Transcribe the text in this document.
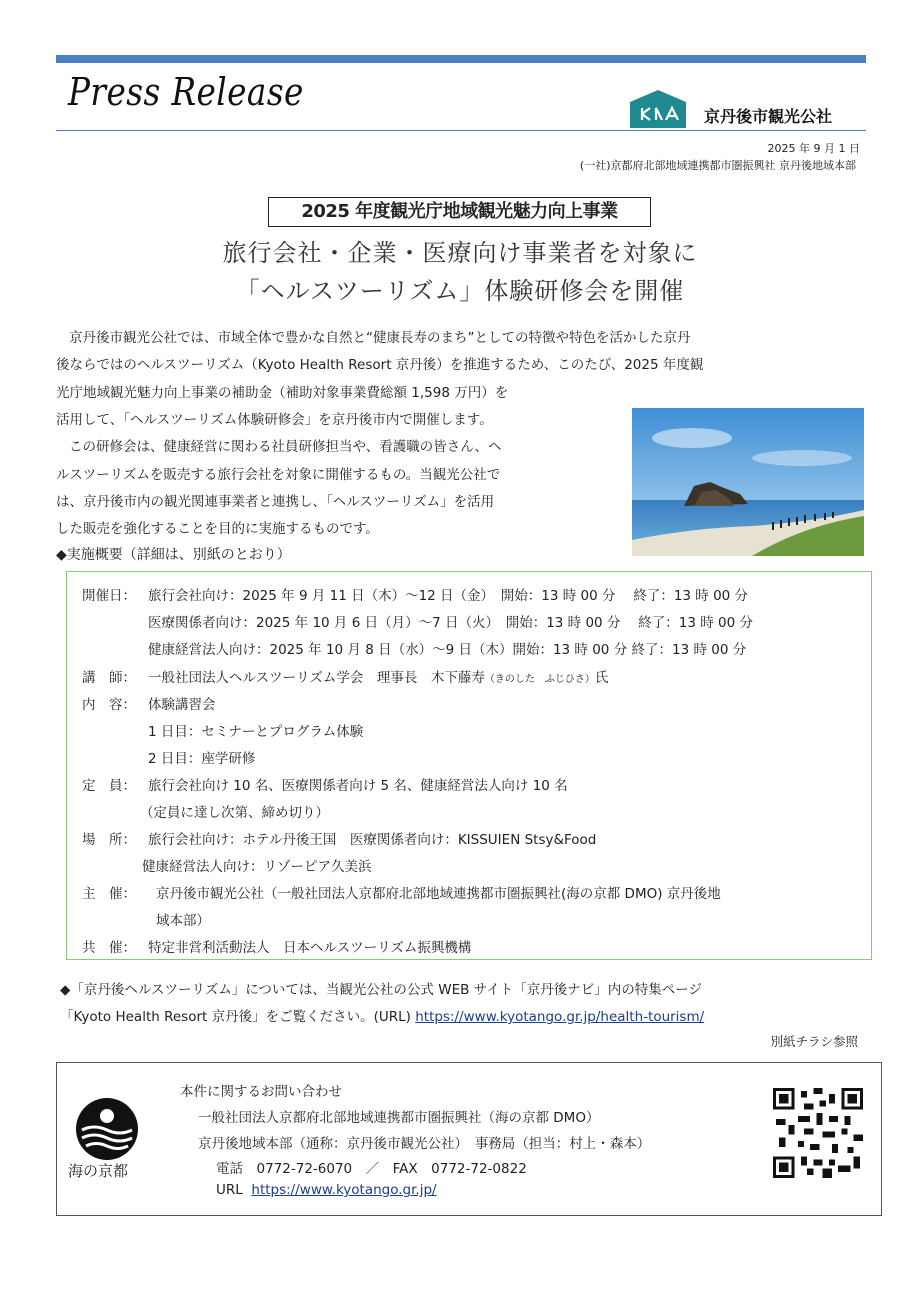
Press Release
京丹後市観光公社
2025 年 9 月 1 日
(一社)京都府北部地域連携都市圏振興社 京丹後地域本部
2025 年度観光庁地域観光魅力向上事業
旅行会社・企業・医療向け事業者を対象に
「ヘルスツーリズム」体験研修会を開催
京丹後市観光公社では、市域全体で豊かな自然と“健康長寿のまち”としての特徴や特色を活かした京丹
後ならではのヘルスツーリズム（Kyoto Health Resort 京丹後）を推進するため、このたび、2025 年度観
光庁地域観光魅力向上事業の補助金（補助対象事業費総額 1,598 万円）を
活用して、「ヘルスツーリズム体験研修会」を京丹後市内で開催します。
この研修会は、健康経営に関わる社員研修担当や、看護職の皆さん、ヘ
ルスツーリズムを販売する旅行会社を対象に開催するもの。当観光公社で
は、京丹後市内の観光関連事業者と連携し、「ヘルスツーリズム」を活用
した販売を強化することを目的に実施するものです。
◆実施概要（詳細は、別紙のとおり）
開催日： 旅行会社向け：2025 年 9 月 11 日（木）～12 日（金）　開始：13 時 00 分　 終了：13 時 00 分
医療関係者向け：2025 年 10 月 6 日（月）～7 日（火）　開始：13 時 00 分　 終了：13 時 00 分
健康経営法人向け：2025 年 10 月 8 日（水）～9 日（木）開始：13 時 00 分 終了：13 時 00 分
講　師： 一般社団法人ヘルスツーリズム学会　理事長　木下藤寿（きのした　ふじひさ）氏
内　容： 体験講習会
1 日目：セミナーとプログラム体験
2 日目：座学研修
定　員： 旅行会社向け 10 名、医療関係者向け 5 名、健康経営法人向け 10 名
（定員に達し次第、締め切り）
場　所： 旅行会社向け：ホテル丹後王国　医療関係者向け：KISSUIEN Stsy&Food
健康経営法人向け：リゾーピア久美浜
主　催： 京丹後市観光公社（一般社団法人京都府北部地域連携都市圏振興社(海の京都 DMO) 京丹後地
域本部）
共　催： 特定非営利活動法人　日本ヘルスツーリズム振興機構
◆「京丹後ヘルスツーリズム」については、当観光公社の公式 WEB サイト「京丹後ナビ」内の特集ページ
「Kyoto Health Resort 京丹後」をご覧ください。(URL) https://www.kyotango.gr.jp/health-tourism/
別紙チラシ参照
海の京都
本件に関するお問い合わせ
一般社団法人京都府北部地域連携都市圏振興社（海の京都 DMO）
京丹後地域本部（通称：京丹後市観光公社）　事務局（担当：村上・森本）
電話　0772-72-6070　／　FAX　0772-72-0822
URL https://www.kyotango.gr.jp/
